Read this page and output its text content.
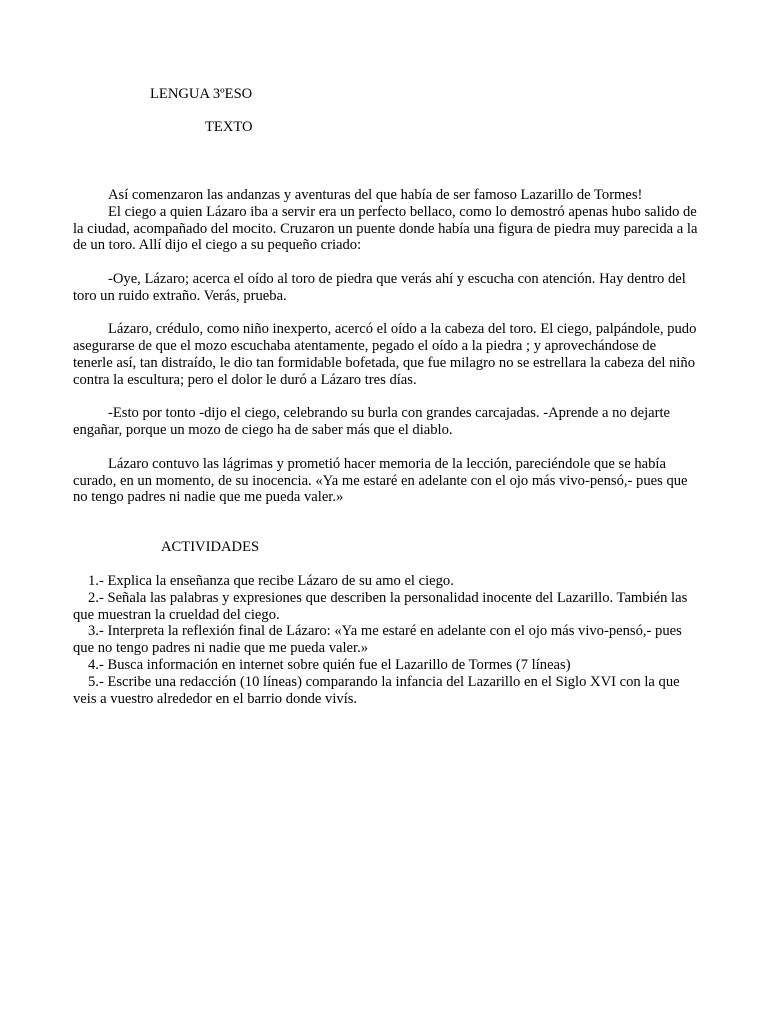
LENGUA 3ºESO
TEXTO

Así comenzaron las andanzas y aventuras del que había de ser famoso Lazarillo de Tormes!

El ciego a quien Lázaro iba a servir era un perfecto bellaco, como lo demostró apenas hubo salido de la ciudad, acompañado del mocito. Cruzaron un puente donde había una figura de piedra muy parecida a la de un toro. Allí dijo el ciego a su pequeño criado:

-Oye, Lázaro; acerca el oído al toro de piedra que verás ahí y escucha con atención. Hay dentro del toro un ruido extraño. Verás, prueba.

Lázaro, crédulo, como niño inexperto, acercó el oído a la cabeza del toro. El ciego, palpándole, pudo asegurarse de que el mozo escuchaba atentamente, pegado el oído a la piedra ; y aprovechándose de tenerle así, tan distraído, le dio tan formidable bofetada, que fue milagro no se estrellara la cabeza del niño contra la escultura; pero el dolor le duró a Lázaro tres días.

-Esto por tonto -dijo el ciego, celebrando su burla con grandes carcajadas. -Aprende a no dejarte engañar, porque un mozo de ciego ha de saber más que el diablo.

Lázaro contuvo las lágrimas y prometió hacer memoria de la lección, pareciéndole que se había curado, en un momento, de su inocencia. «Ya me estaré en adelante con el ojo más vivo-pensó,- pues que no tengo padres ni nadie que me pueda valer.»

ACTIVIDADES

1.- Explica la enseñanza que recibe Lázaro de su amo el ciego.

2.- Señala las palabras y expresiones que describen la personalidad inocente del Lazarillo. También las que muestran la crueldad del ciego.

3.- Interpreta la reflexión final de Lázaro: «Ya me estaré en adelante con el ojo más vivo-pensó,- pues que no tengo padres ni nadie que me pueda valer.»

4.- Busca información en internet sobre quién fue el Lazarillo de Tormes (7 líneas)

5.- Escribe una redacción (10 líneas) comparando la infancia del Lazarillo en el Siglo XVI con la que veis a vuestro alrededor en el barrio donde vivís.
